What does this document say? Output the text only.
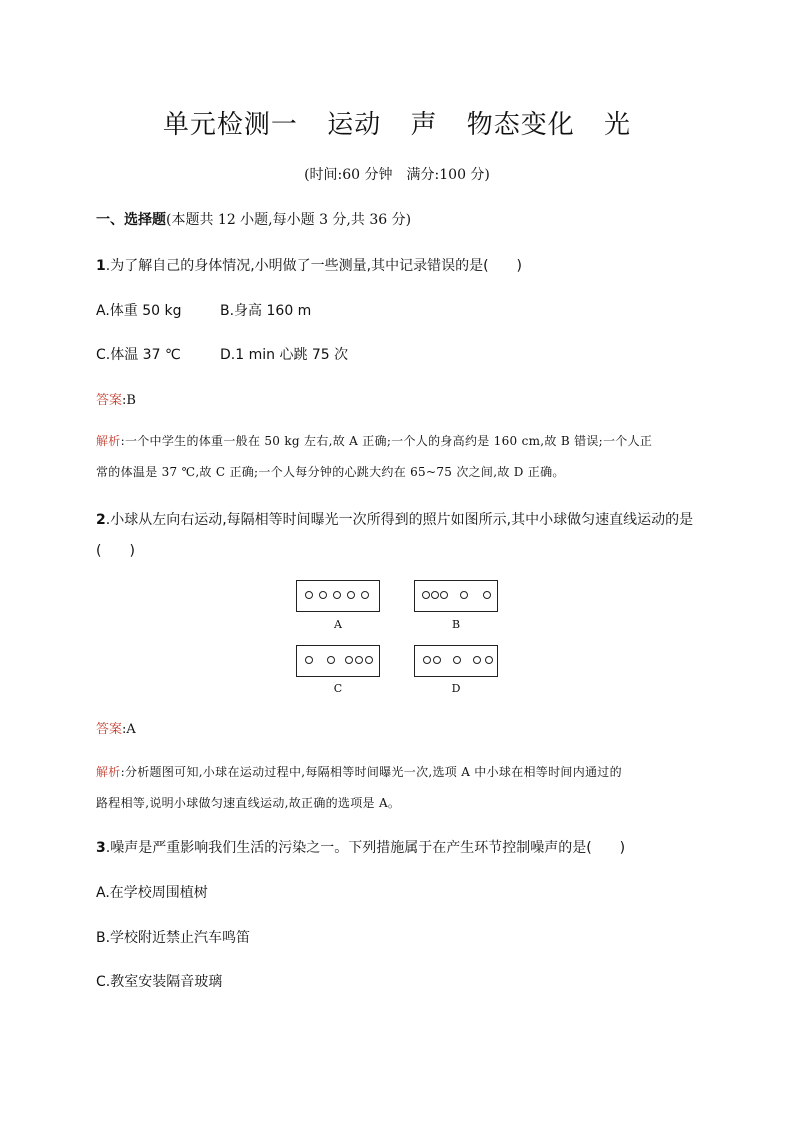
单元检测一 运动 声 物态变化 光
(时间:60 分钟　满分:100 分)
一、选择题(本题共 12 小题,每小题 3 分,共 36 分)
1.为了解自己的身体情况,小明做了一些测量,其中记录错误的是(　　)
A.体重 50 kg	B.身高 160 m
C.体温 37 ℃	D.1 min 心跳 75 次
答案:B
解析:一个中学生的体重一般在 50 kg 左右,故 A 正确;一个人的身高约是 160 cm,故 B 错误;一个人正
常的体温是 37 ℃,故 C 正确;一个人每分钟的心跳大约在 65~75 次之间,故 D 正确。
2.小球从左向右运动,每隔相等时间曝光一次所得到的照片如图所示,其中小球做匀速直线运动的是
(　　)
A	B
C	D
答案:A
解析:分析题图可知,小球在运动过程中,每隔相等时间曝光一次,选项 A 中小球在相等时间内通过的
路程相等,说明小球做匀速直线运动,故正确的选项是 A。
3.噪声是严重影响我们生活的污染之一。下列措施属于在产生环节控制噪声的是(　　)
A.在学校周围植树
B.学校附近禁止汽车鸣笛
C.教室安装隔音玻璃
